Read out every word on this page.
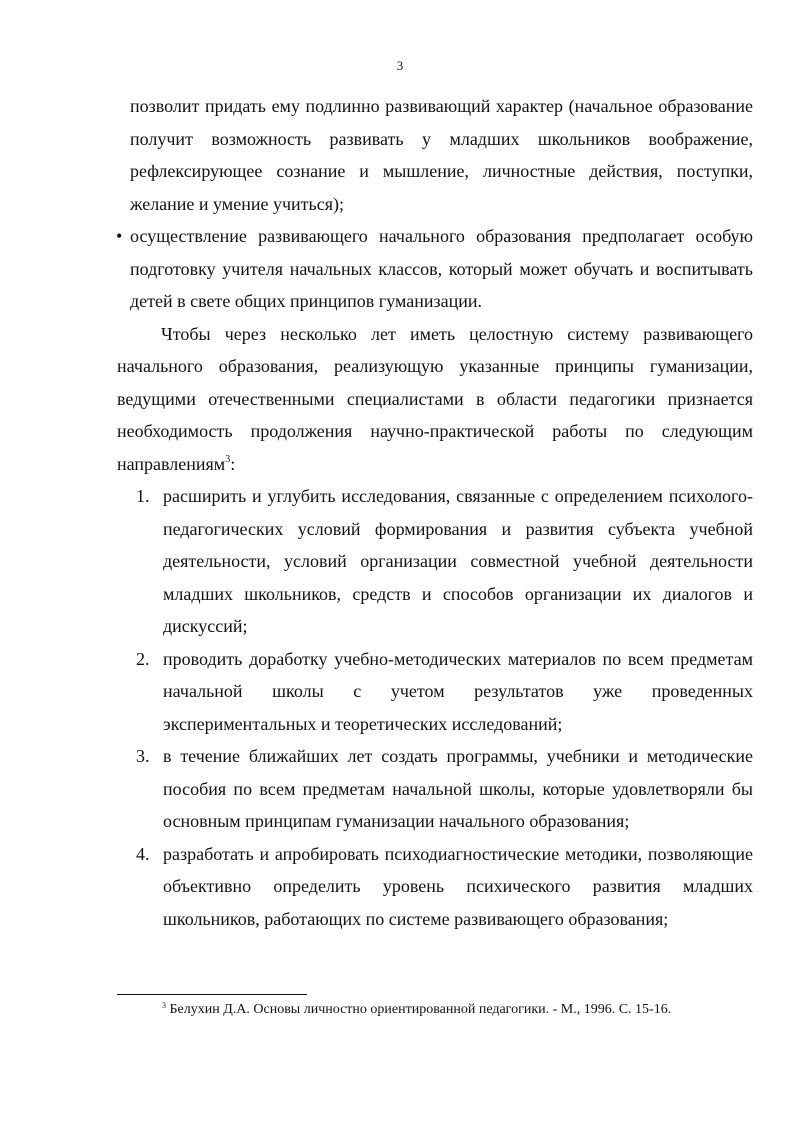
3

позволит придать ему подлинно развивающий характер (начальное образование получит возможность развивать у младших школьников воображение, рефлексирующее сознание и мышление, личностные действия, поступки, желание и умение учиться);

• осуществление развивающего начального образования предполагает особую подготовку учителя начальных классов, который может обучать и воспитывать детей в свете общих принципов гуманизации.

Чтобы через несколько лет иметь целостную систему развивающего начального образования, реализующую указанные принципы гуманизации, ведущими отечественными специалистами в области педагогики признается необходимость продолжения научно-практической работы по следующим направлениям$^3$:

1. расширить и углубить исследования, связанные с определением психолого-педагогических условий формирования и развития субъекта учебной деятельности, условий организации совместной учебной деятельности младших школьников, средств и способов организации их диалогов и дискуссий;
2. проводить доработку учебно-методических материалов по всем предметам начальной школы с учетом результатов уже проведенных экспериментальных и теоретических исследований;
3. в течение ближайших лет создать программы, учебники и методические пособия по всем предметам начальной школы, которые удовлетворяли бы основным принципам гуманизации начального образования;
4. разработать и апробировать психодиагностические методики, позволяющие объективно определить уровень психического развития младших школьников, работающих по системе развивающего образования;
$^3$ Белухин Д.А. Основы личностно ориентированной педагогики. - М., 1996. С. 15-16.
